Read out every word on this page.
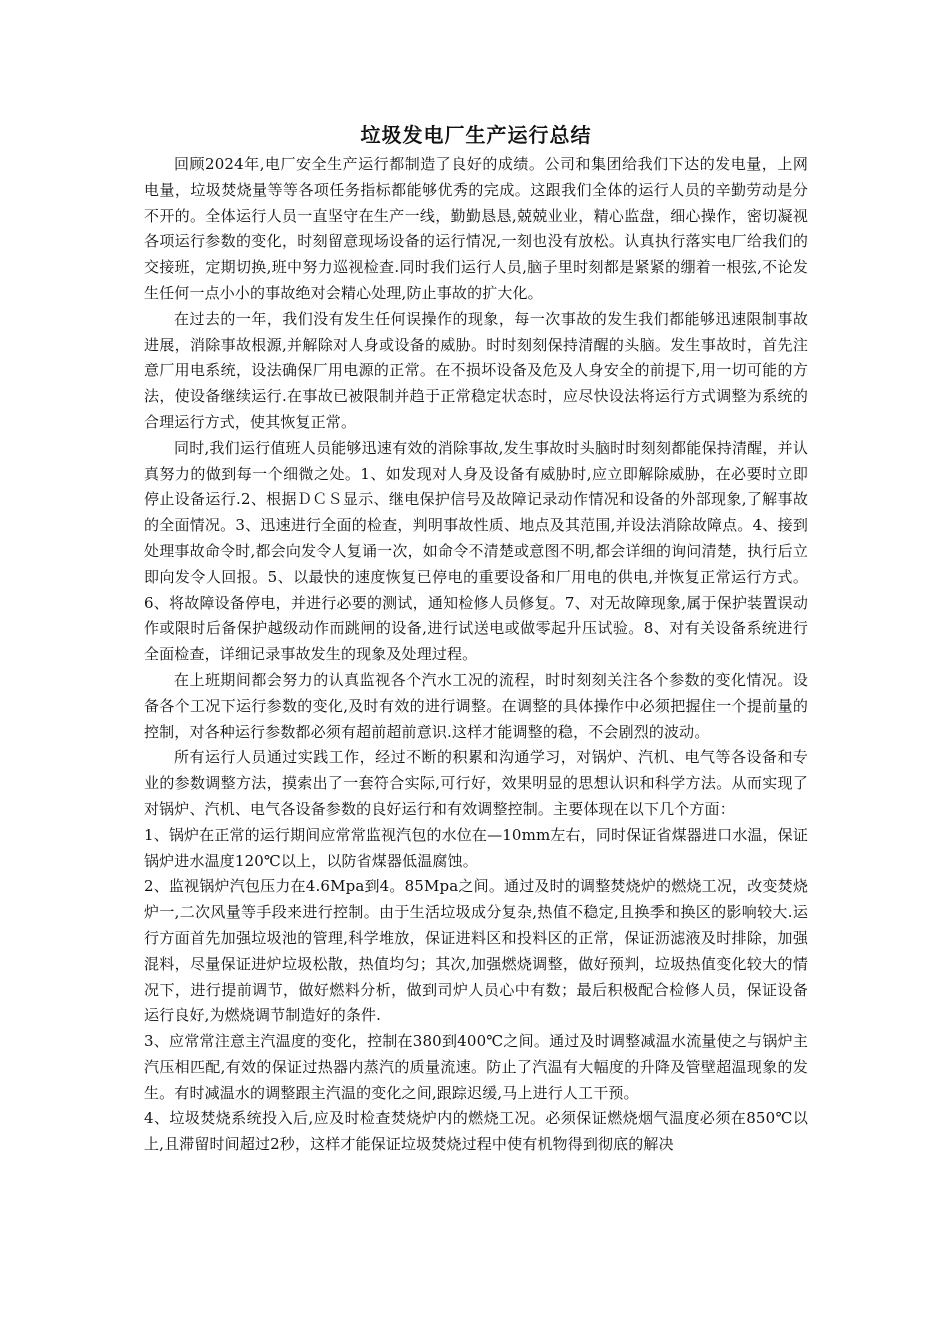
垃圾发电厂生产运行总结

回顾2024年,电厂安全生产运行都制造了良好的成绩。公司和集团给我们下达的发电量，上网电量，垃圾焚烧量等等各项任务指标都能够优秀的完成。这跟我们全体的运行人员的辛勤劳动是分不开的。全体运行人员一直坚守在生产一线，勤勤恳恳,兢兢业业，精心监盘，细心操作，密切凝视各项运行参数的变化，时刻留意现场设备的运行情况,一刻也没有放松。认真执行落实电厂给我们的交接班，定期切换,班中努力巡视检查.同时我们运行人员,脑子里时刻都是紧紧的绷着一根弦,不论发生任何一点小小的事故绝对会精心处理,防止事故的扩大化。

在过去的一年，我们没有发生任何误操作的现象，每一次事故的发生我们都能够迅速限制事故进展，消除事故根源,并解除对人身或设备的威胁。时时刻刻保持清醒的头脑。发生事故时，首先注意厂用电系统，设法确保厂用电源的正常。在不损坏设备及危及人身安全的前提下,用一切可能的方法，使设备继续运行.在事故已被限制并趋于正常稳定状态时，应尽快设法将运行方式调整为系统的合理运行方式，使其恢复正常。

同时,我们运行值班人员能够迅速有效的消除事故,发生事故时头脑时时刻刻都能保持清醒，并认真努力的做到每一个细微之处。1、如发现对人身及设备有威胁时,应立即解除威胁，在必要时立即停止设备运行.2、根据ＤＣＳ显示、继电保护信号及故障记录动作情况和设备的外部现象,了解事故的全面情况。3、迅速进行全面的检查，判明事故性质、地点及其范围,并设法消除故障点。4、接到处理事故命令时,都会向发令人复诵一次，如命令不清楚或意图不明,都会详细的询问清楚，执行后立即向发令人回报。5、以最快的速度恢复已停电的重要设备和厂用电的供电,并恢复正常运行方式。6、将故障设备停电，并进行必要的测试，通知检修人员修复。7、对无故障现象,属于保护装置误动作或限时后备保护越级动作而跳闸的设备,进行试送电或做零起升压试验。8、对有关设备系统进行全面检查，详细记录事故发生的现象及处理过程。

在上班期间都会努力的认真监视各个汽水工况的流程，时时刻刻关注各个参数的变化情况。设备各个工况下运行参数的变化,及时有效的进行调整。在调整的具体操作中必须把握住一个提前量的控制，对各种运行参数都必须有超前超前意识.这样才能调整的稳，不会剧烈的波动。

所有运行人员通过实践工作，经过不断的积累和沟通学习，对锅炉、汽机、电气等各设备和专业的参数调整方法，摸索出了一套符合实际,可行好，效果明显的思想认识和科学方法。从而实现了对锅炉、汽机、电气各设备参数的良好运行和有效调整控制。主要体现在以下几个方面：

1、锅炉在正常的运行期间应常常监视汽包的水位在—10mm左右，同时保证省煤器进口水温，保证锅炉进水温度120℃以上，以防省煤器低温腐蚀。

2、监视锅炉汽包压力在4.6Mpa到4。85Mpa之间。通过及时的调整焚烧炉的燃烧工况，改变焚烧炉一,二次风量等手段来进行控制。由于生活垃圾成分复杂,热值不稳定,且换季和换区的影响较大.运行方面首先加强垃圾池的管理,科学堆放，保证进料区和投料区的正常，保证沥滤液及时排除，加强混料，尽量保证进炉垃圾松散，热值均匀；其次,加强燃烧调整，做好预判，垃圾热值变化较大的情况下，进行提前调节，做好燃料分析，做到司炉人员心中有数；最后积极配合检修人员，保证设备运行良好,为燃烧调节制造好的条件.

3、应常常注意主汽温度的变化，控制在380到400℃之间。通过及时调整减温水流量使之与锅炉主汽压相匹配,有效的保证过热器内蒸汽的质量流速。防止了汽温有大幅度的升降及管壁超温现象的发生。有时减温水的调整跟主汽温的变化之间,跟踪迟缓,马上进行人工干预。

4、垃圾焚烧系统投入后,应及时检查焚烧炉内的燃烧工况。必须保证燃烧烟气温度必须在850℃以上,且滞留时间超过2秒，这样才能保证垃圾焚烧过程中使有机物得到彻底的解决
